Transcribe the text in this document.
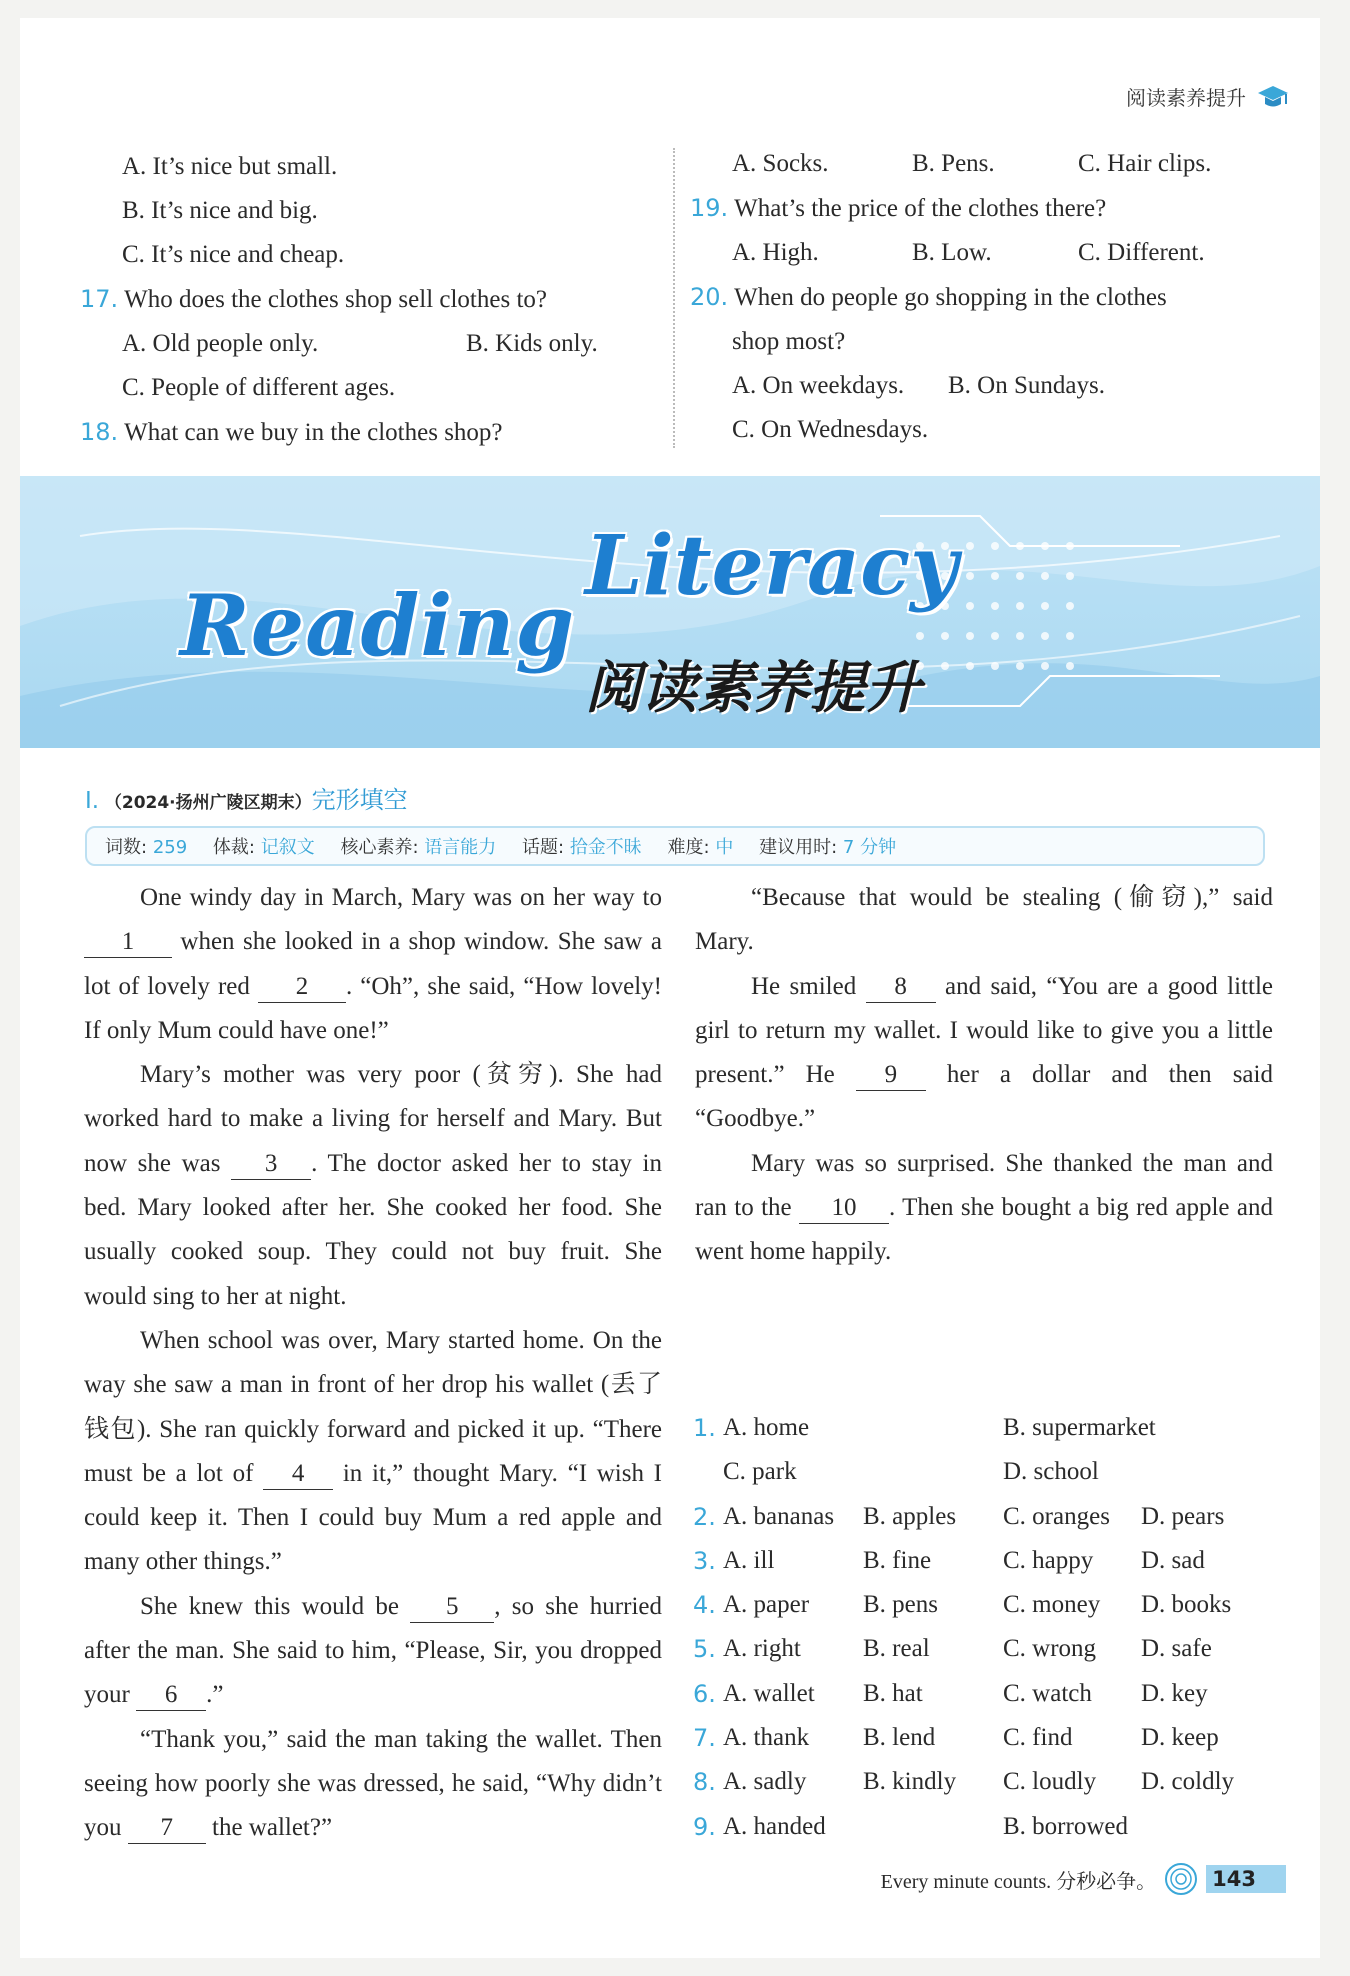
阅读素养提升
A. It’s nice but small.
B. It’s nice and big.
C. It’s nice and cheap.
17. Who does the clothes shop sell clothes to?
A. Old people only.	B. Kids only.
C. People of different ages.
18. What can we buy in the clothes shop?
A. Socks.	B. Pens.	C. Hair clips.
19. What’s the price of the clothes there?
A. High.	B. Low.	C. Different.
20. When do people go shopping in the clothes
shop most?
A. On weekdays. B. On Sundays.
C. On Wednesdays.
Reading
Literacy
阅读素养提升
Ⅰ. （2024·扬州广陵区期末）完形填空
词数: 259 体裁: 记叙文 核心素养: 语言能力 话题: 拾金不昧 难度: 中 建议用时: 7 分钟

One windy day in March, Mary was on her way to 1 when she looked in a shop window. She saw a lot of lovely red 2 . “Oh”, she said, “How lovely! If only Mum could have one!”

Mary’s mother was very poor (贫穷). She had worked hard to make a living for herself and Mary. But now she was 3 . The doctor asked her to stay in bed. Mary looked after her. She cooked her food. She usually cooked soup. They could not buy fruit. She would sing to her at night.

When school was over, Mary started home. On the way she saw a man in front of her drop his wallet (丢了钱包). She ran quickly forward and picked it up. “There must be a lot of 4 in it,” thought Mary. “I wish I could keep it. Then I could buy Mum a red apple and many other things.”

She knew this would be 5 , so she hurried after the man. She said to him, “Please, Sir, you dropped your 6 .”

“Thank you,” said the man taking the wallet. Then seeing how poorly she was dressed, he said, “Why didn’t you 7 the wallet?”

“Because that would be stealing (偷窃),” said Mary.

He smiled 8 and said, “You are a good little girl to return my wallet. I would like to give you a little present.” He 9 her a dollar and then said “Goodbye.”

Mary was so surprised. She thanked the man and ran to the 10 . Then she bought a big red apple and went home happily.

1. A. home	B. supermarket
C. park	D. school
2. A. bananas B. apples C. oranges D. pears
3. A. ill	B. fine	C. happy D. sad
4. A. paper B. pens	C. money D. books
5. A. right B. real	C. wrong D. safe
6. A. wallet B. hat	C. watch D. key
7. A. thank B. lend	C. find	D. keep
8. A. sadly B. kindly C. loudly D. coldly
9. A. handed	B. borrowed
Every minute counts. 分秒必争。	143
